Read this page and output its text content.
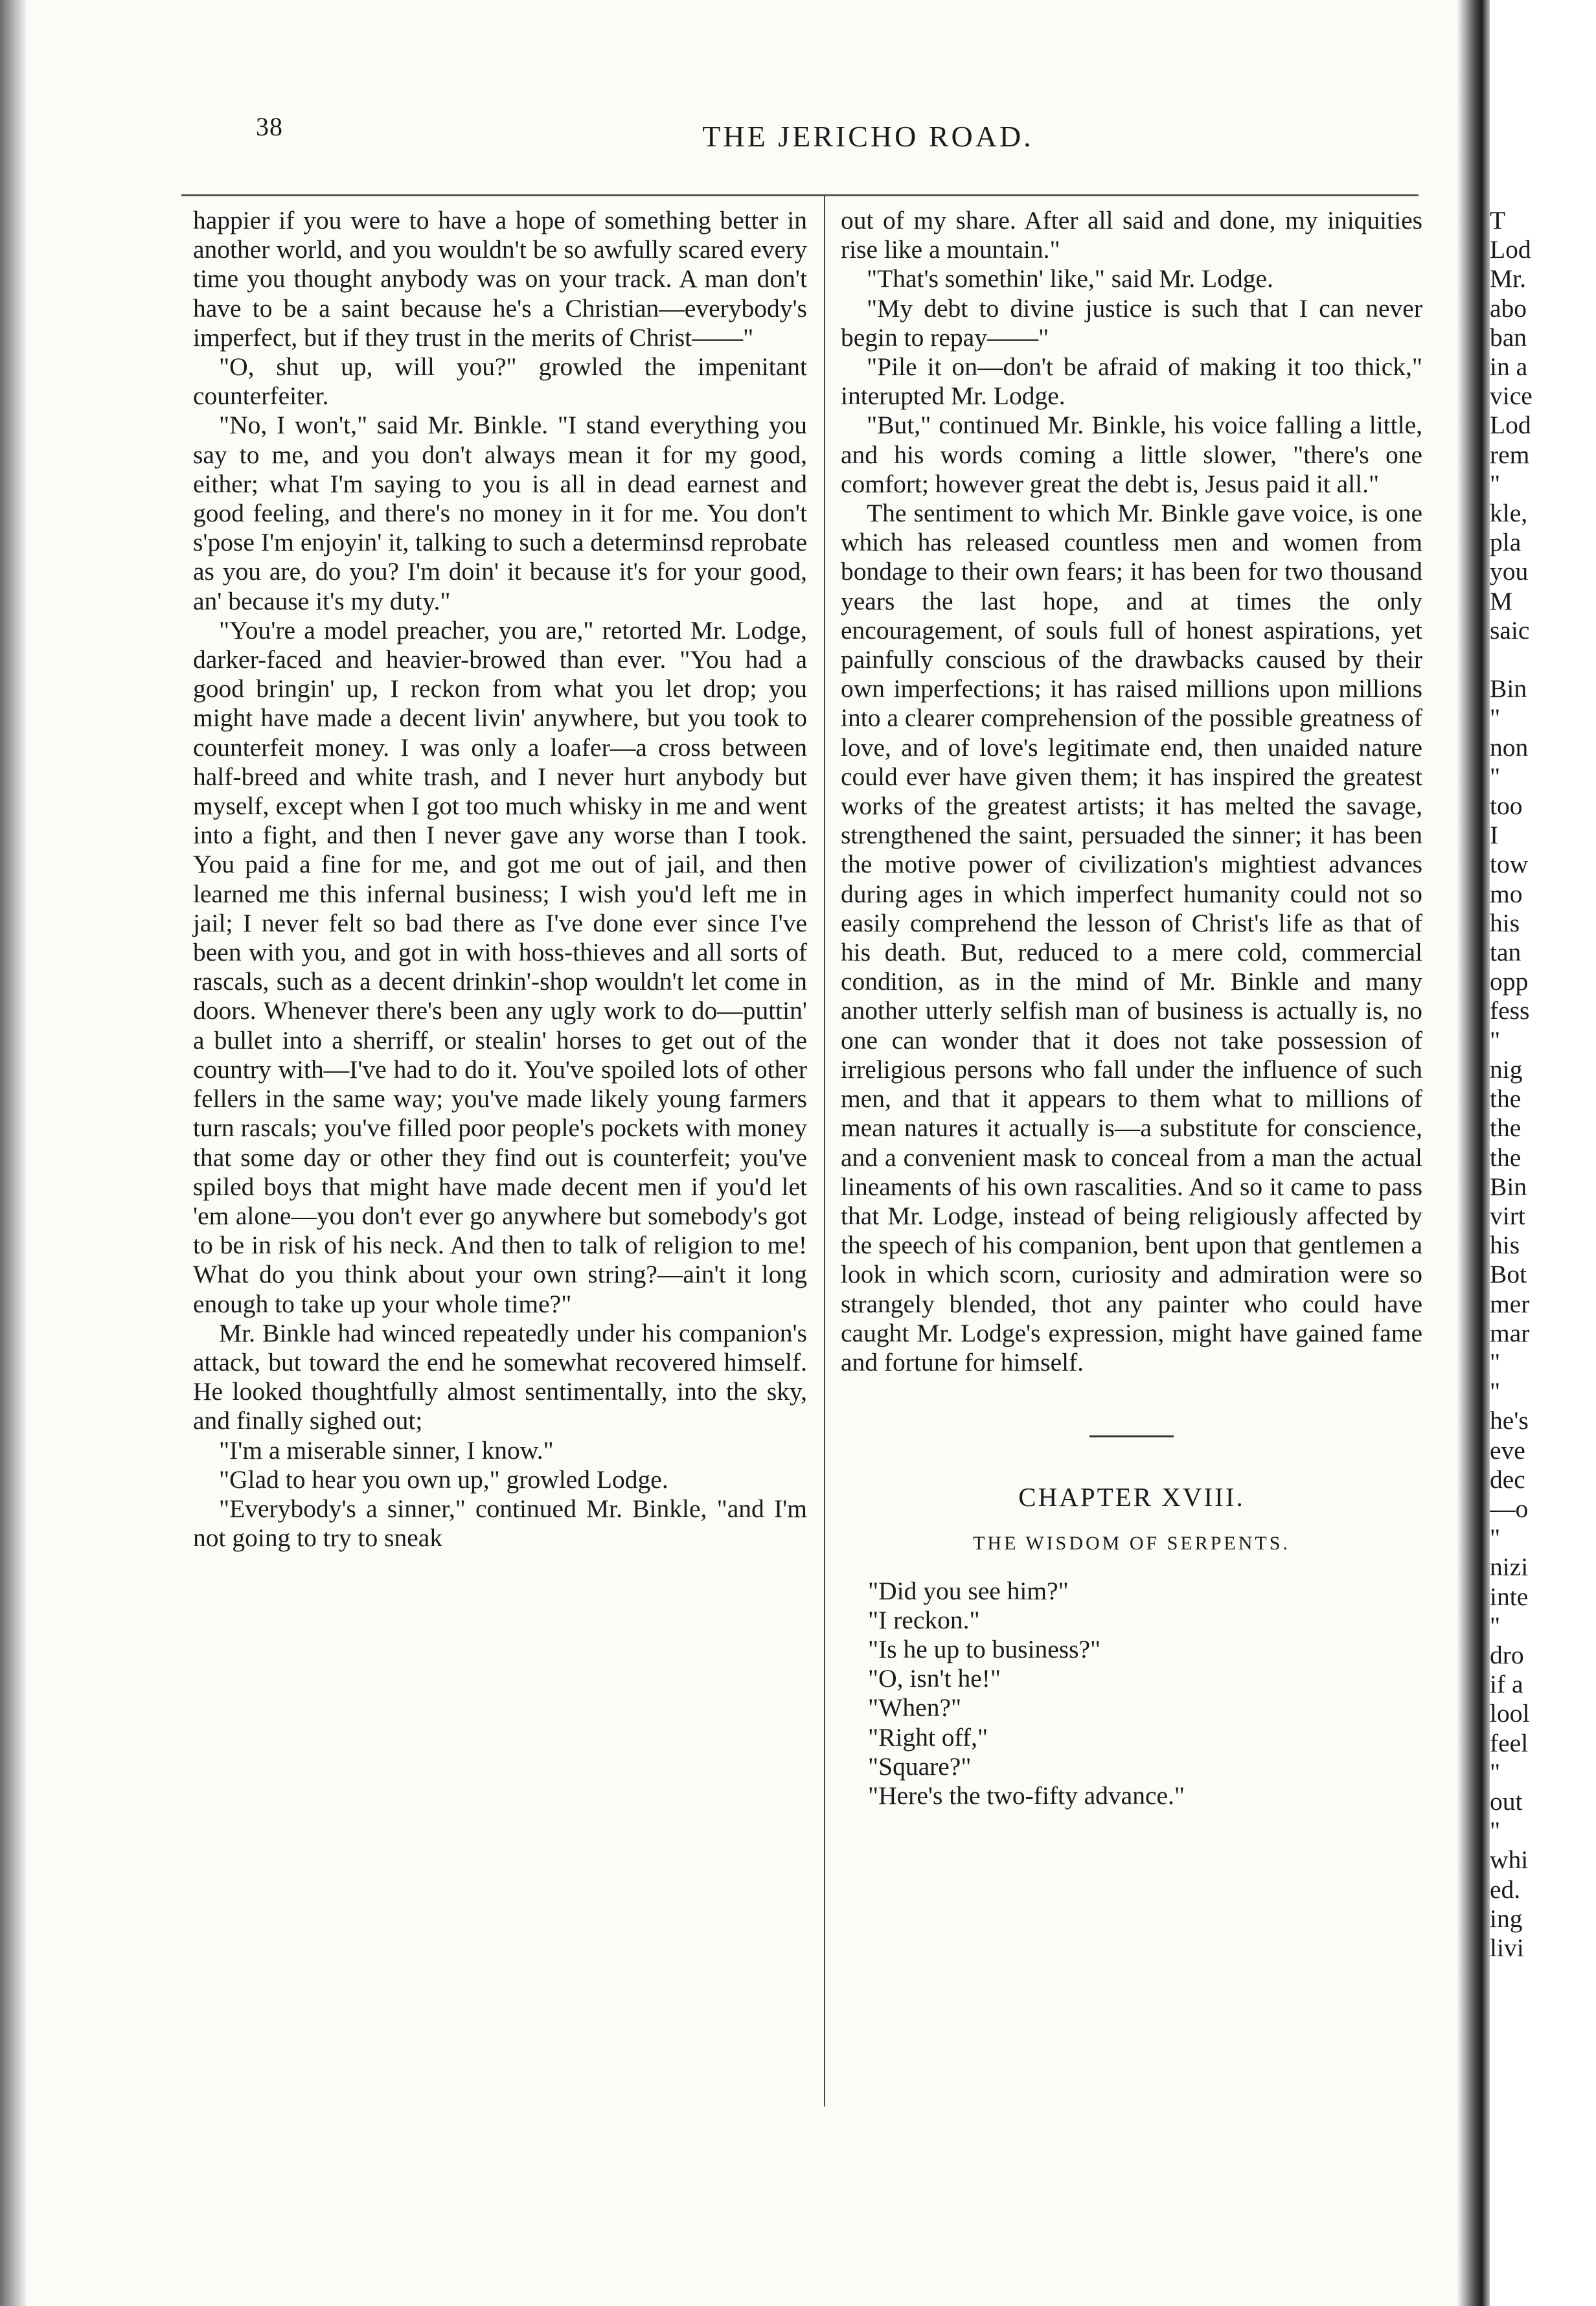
38	THE JERICHO ROAD.

happier if you were to have a hope of something better in another world, and you wouldn't be so awfully scared every time you thought anybody was on your track. A man don't have to be a saint because he's a Christian—everybody's imperfect, but if they trust in the merits of Christ——"

"O, shut up, will you?" growled the impenitant counterfeiter.

"No, I won't," said Mr. Binkle. "I stand everything you say to me, and you don't always mean it for my good, either; what I'm saying to you is all in dead earnest and good feeling, and there's no money in it for me. You don't s'pose I'm enjoyin' it, talking to such a determinsd reprobate as you are, do you? I'm doin' it because it's for your good, an' because it's my duty."

"You're a model preacher, you are," retorted Mr. Lodge, darker-faced and heavier-browed than ever. "You had a good bringin' up, I reckon from what you let drop; you might have made a decent livin' anywhere, but you took to counterfeit money. I was only a loafer—a cross between half-breed and white trash, and I never hurt anybody but myself, except when I got too much whisky in me and went into a fight, and then I never gave any worse than I took. You paid a fine for me, and got me out of jail, and then learned me this infernal business; I wish you'd left me in jail; I never felt so bad there as I've done ever since I've been with you, and got in with hoss-thieves and all sorts of rascals, such as a decent drinkin'-shop wouldn't let come in doors. Whenever there's been any ugly work to do—puttin' a bullet into a sherriff, or stealin' horses to get out of the country with—I've had to do it. You've spoiled lots of other fellers in the same way; you've made likely young farmers turn rascals; you've filled poor people's pockets with money that some day or other they find out is counterfeit; you've spiled boys that might have made decent men if you'd let 'em alone—you don't ever go anywhere but somebody's got to be in risk of his neck. And then to talk of religion to me! What do you think about your own string?—ain't it long enough to take up your whole time?"

Mr. Binkle had winced repeatedly under his companion's attack, but toward the end he somewhat recovered himself. He looked thoughtfully almost sentimentally, into the sky, and finally sighed out;

"I'm a miserable sinner, I know."

"Glad to hear you own up," growled Lodge.

"Everybody's a sinner," continued Mr. Binkle, "and I'm not going to try to sneak

out of my share. After all said and done, my iniquities rise like a mountain."

"That's somethin' like," said Mr. Lodge.

"My debt to divine justice is such that I can never begin to repay——"

"Pile it on—don't be afraid of making it too thick," interupted Mr. Lodge.

"But," continued Mr. Binkle, his voice falling a little, and his words coming a little slower, "there's one comfort; however great the debt is, Jesus paid it all."

The sentiment to which Mr. Binkle gave voice, is one which has released countless men and women from bondage to their own fears; it has been for two thousand years the last hope, and at times the only encouragement, of souls full of honest aspirations, yet painfully conscious of the drawbacks caused by their own imperfections; it has raised millions upon millions into a clearer comprehension of the possible greatness of love, and of love's legitimate end, then unaided nature could ever have given them; it has inspired the greatest works of the greatest artists; it has melted the savage, strengthened the saint, persuaded the sinner; it has been the motive power of civilization's mightiest advances during ages in which imperfect humanity could not so easily comprehend the lesson of Christ's life as that of his death. But, reduced to a mere cold, commercial condition, as in the mind of Mr. Binkle and many another utterly selfish man of business is actually is, no one can wonder that it does not take possession of irreligious persons who fall under the influence of such men, and that it appears to them what to millions of mean natures it actually is—a substitute for conscience, and a convenient mask to conceal from a man the actual lineaments of his own rascalities. And so it came to pass that Mr. Lodge, instead of being religiously affected by the speech of his companion, bent upon that gentlemen a look in which scorn, curiosity and admiration were so strangely blended, thot any painter who could have caught Mr. Lodge's expression, might have gained fame and fortune for himself.

CHAPTER XVIII.
THE WISDOM OF SERPENTS.

"Did you see him?"

"I reckon."

"Is he up to business?"

"O, isn't he!"

"When?"

"Right off,"

"Square?"

"Here's the two-fifty advance."

T
Lod
Mr.
abo
ban
in a
vice
Lod
rem
"
kle,
pla
you
M
saic

Bin
"
non
"
too
I
tow
mo
his
tan
opp
fess
"
nig
the
the
the
Bin
virt
his
Bot
mer
mar
"
"
he's
eve
dec
—o
"
nizi
inte
"
dro
if a
lool
feel
"
out
"
whi
ed.
ing
livi
